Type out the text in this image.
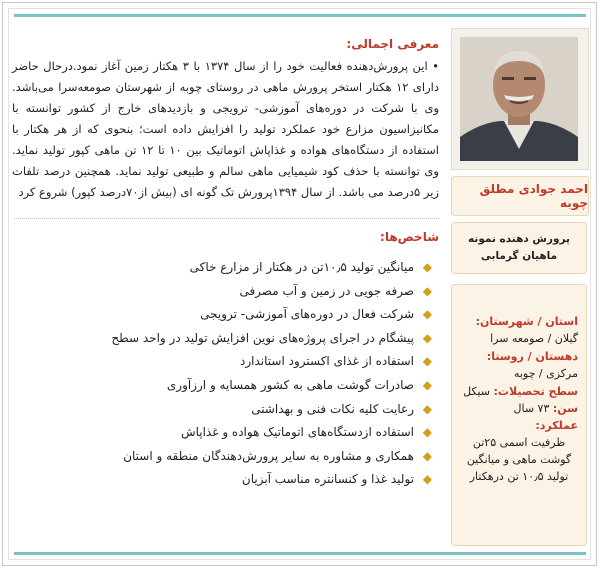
احمد جوادی مطلق چوبه
پرورش دهنده نمونه
ماهیان گرمابی
استان / شهرستان:
گیلان / صومعه سرا
دهستان / روستا:
مرکزی / چوبه
سطح تحصیلات: سیکل
سن: ۷۳ سال
عملکرد:
ظرفیت اسمی ۲۵تن گوشت ماهی و میانگین تولید ۱۰٫۵ تن درهکتار
معرفی اجمالی:
• این پرورش‌دهنده فعالیت خود را از سال ۱۳۷۴ با ۳ هکتار زمین آغاز نمود.درحال حاضر دارای ۱۲ هکتار استخر پرورش ماهی در روستای چوبه از شهرستان صومعه‌سرا می‌باشد. وی با شرکت در دوره‌های آموزشی- ترویجی و بازدیدهای خارج از کشور توانسته با مکانیزاسیون مزارع خود عملکرد تولید را افزایش داده است؛ بنحوی که از هر هکتار با استفاده از دستگاه‌های هواده و غذاپاش اتوماتیک بین ۱۰ تا ۱۲ تن ماهی کپور تولید نماید. وی توانسته با حذف کود شیمیایی ماهی سالم و طبیعی تولید نماید. همچنین درصد تلفات زیر ۵درصد می باشد. از سال ۱۳۹۴پرورش تک گونه ای (بیش از۷۰درصد کپور) شروع کرد
شاخص‌ها:
◆
میانگین تولید ۱۰٫۵تن در هکتار از مزارع خاکی
◆
صرفه جویی در زمین و آب مصرفی
◆
شرکت فعال در دوره‌های آموزشی- ترویجی
◆
پیشگام در اجرای پروژه‌های نوین افزایش تولید در واحد سطح
◆
استفاده از غذای اکسترود استاندارد
◆
صادرات گوشت ماهی به کشور همسایه و ارزآوری
◆
رعایت کلیه نکات فنی و بهداشتی
◆
استفاده ازدستگاه‌های اتوماتیک هواده و غذاپاش
◆
همکاری و مشاوره به سایر پرورش‌دهندگان منطقه و استان
◆
تولید غذا و کنسانتره مناسب آبزیان
